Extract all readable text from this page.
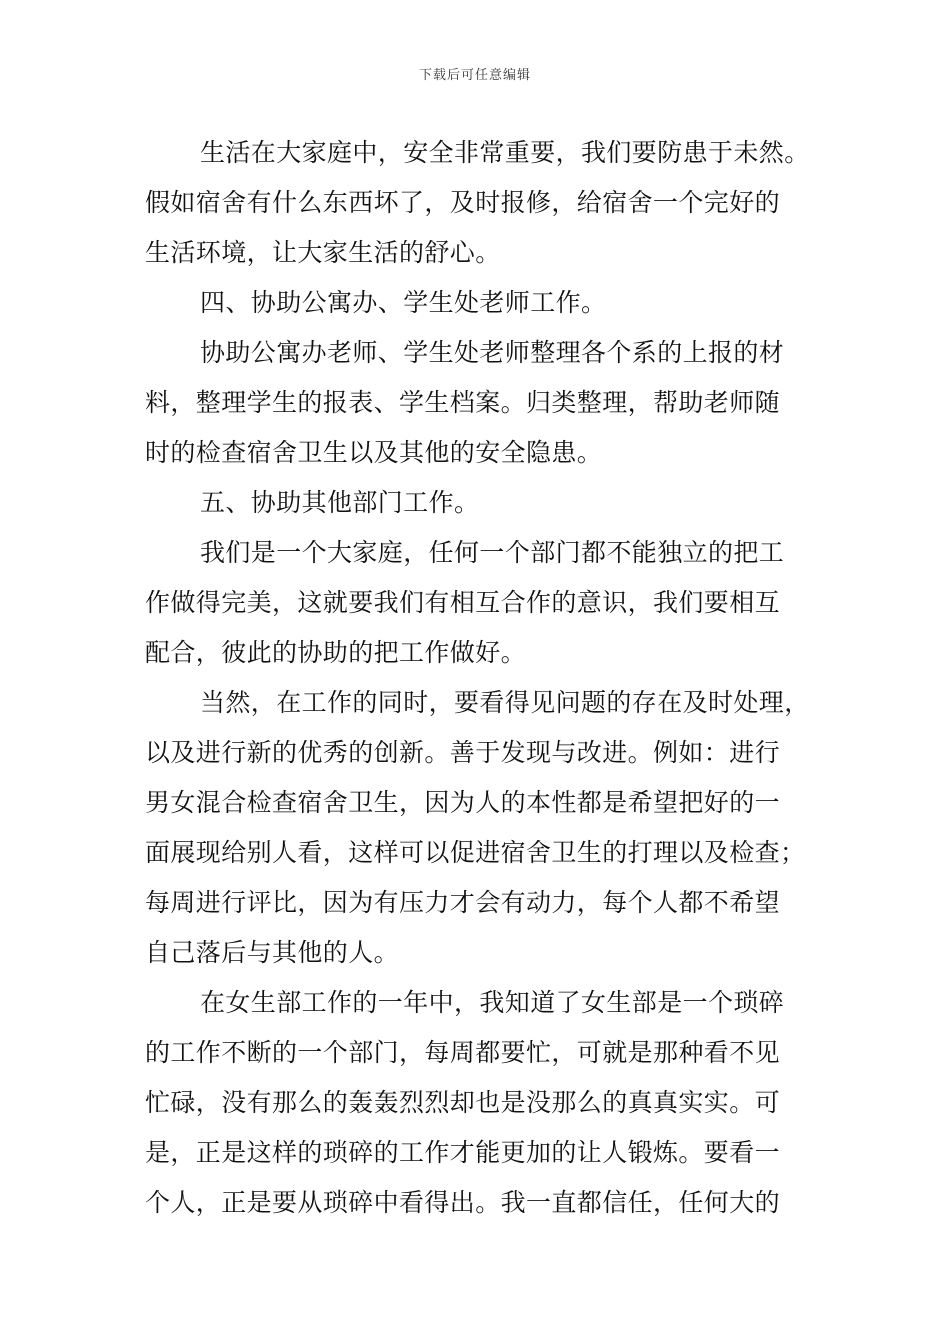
下载后可任意编辑
生活在大家庭中，安全非常重要，我们要防患于未然。
假如宿舍有什么东西坏了，及时报修，给宿舍一个完好的
生活环境，让大家生活的舒心。
四、协助公寓办、学生处老师工作。
协助公寓办老师、学生处老师整理各个系的上报的材
料，整理学生的报表、学生档案。归类整理，帮助老师随
时的检查宿舍卫生以及其他的安全隐患。
五、协助其他部门工作。
我们是一个大家庭，任何一个部门都不能独立的把工
作做得完美，这就要我们有相互合作的意识，我们要相互
配合，彼此的协助的把工作做好。
当然，在工作的同时，要看得见问题的存在及时处理，
以及进行新的优秀的创新。善于发现与改进。例如：进行
男女混合检查宿舍卫生，因为人的本性都是希望把好的一
面展现给别人看，这样可以促进宿舍卫生的打理以及检查；
每周进行评比，因为有压力才会有动力，每个人都不希望
自己落后与其他的人。
在女生部工作的一年中，我知道了女生部是一个琐碎
的工作不断的一个部门，每周都要忙，可就是那种看不见
忙碌，没有那么的轰轰烈烈却也是没那么的真真实实。可
是，正是这样的琐碎的工作才能更加的让人锻炼。要看一
个人，正是要从琐碎中看得出。我一直都信任，任何大的
